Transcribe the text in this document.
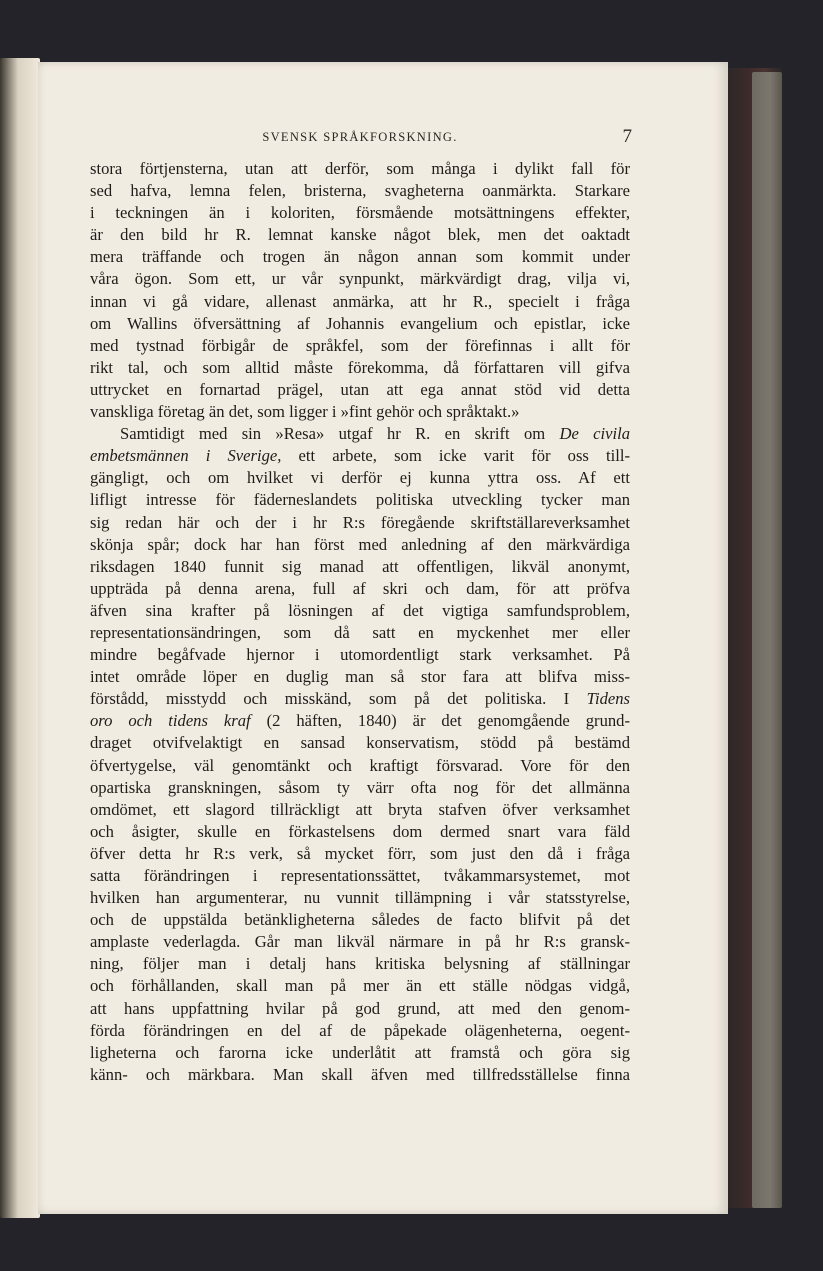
SVENSK SPRÅKFORSKNING.	7
stora förtjensterna, utan att derför, som många i dylikt fall för
sed hafva, lemna felen, bristerna, svagheterna oanmärkta. Starkare
i teckningen än i koloriten, försmående motsättningens effekter,
är den bild hr R. lemnat kanske något blek, men det oaktadt
mera träffande och trogen än någon annan som kommit under
våra ögon. Som ett, ur vår synpunkt, märkvärdigt drag, vilja vi,
innan vi gå vidare, allenast anmärka, att hr R., specielt i fråga
om Wallins öfversättning af Johannis evangelium och epistlar, icke
med tystnad förbigår de språkfel, som der förefinnas i allt för
rikt tal, och som alltid måste förekomma, då författaren vill gifva
uttrycket en fornartad prägel, utan att ega annat stöd vid detta
vanskliga företag än det, som ligger i »fint gehör och språktakt.»
Samtidigt med sin »Resa» utgaf hr R. en skrift om De civila
embetsmännen i Sverige, ett arbete, som icke varit för oss till-
gängligt, och om hvilket vi derför ej kunna yttra oss. Af ett
lifligt intresse för fäderneslandets politiska utveckling tycker man
sig redan här och der i hr R:s föregående skriftställareverksamhet
skönja spår; dock har han först med anledning af den märkvärdiga
riksdagen 1840 funnit sig manad att offentligen, likväl anonymt,
uppträda på denna arena, full af skri och dam, för att pröfva
äfven sina krafter på lösningen af det vigtiga samfundsproblem,
representationsändringen, som då satt en myckenhet mer eller
mindre begåfvade hjernor i utomordentligt stark verksamhet. På
intet område löper en duglig man så stor fara att blifva miss-
förstådd, misstydd och misskänd, som på det politiska. I Tidens
oro och tidens kraf (2 häften, 1840) är det genomgående grund-
draget otvifvelaktigt en sansad konservatism, stödd på bestämd
öfvertygelse, väl genomtänkt och kraftigt försvarad. Vore för den
opartiska granskningen, såsom ty värr ofta nog för det allmänna
omdömet, ett slagord tillräckligt att bryta stafven öfver verksamhet
och åsigter, skulle en förkastelsens dom dermed snart vara fäld
öfver detta hr R:s verk, så mycket förr, som just den då i fråga
satta förändringen i representationssättet, tvåkammarsystemet, mot
hvilken han argumenterar, nu vunnit tillämpning i vår statsstyrelse,
och de uppstälda betänkligheterna således de facto blifvit på det
amplaste vederlagda. Går man likväl närmare in på hr R:s gransk-
ning, följer man i detalj hans kritiska belysning af ställningar
och förhållanden, skall man på mer än ett ställe nödgas vidgå,
att hans uppfattning hvilar på god grund, att med den genom-
förda förändringen en del af de påpekade olägenheterna, oegent-
ligheterna och farorna icke underlåtit att framstå och göra sig
känn- och märkbara. Man skall äfven med tillfredsställelse finna
